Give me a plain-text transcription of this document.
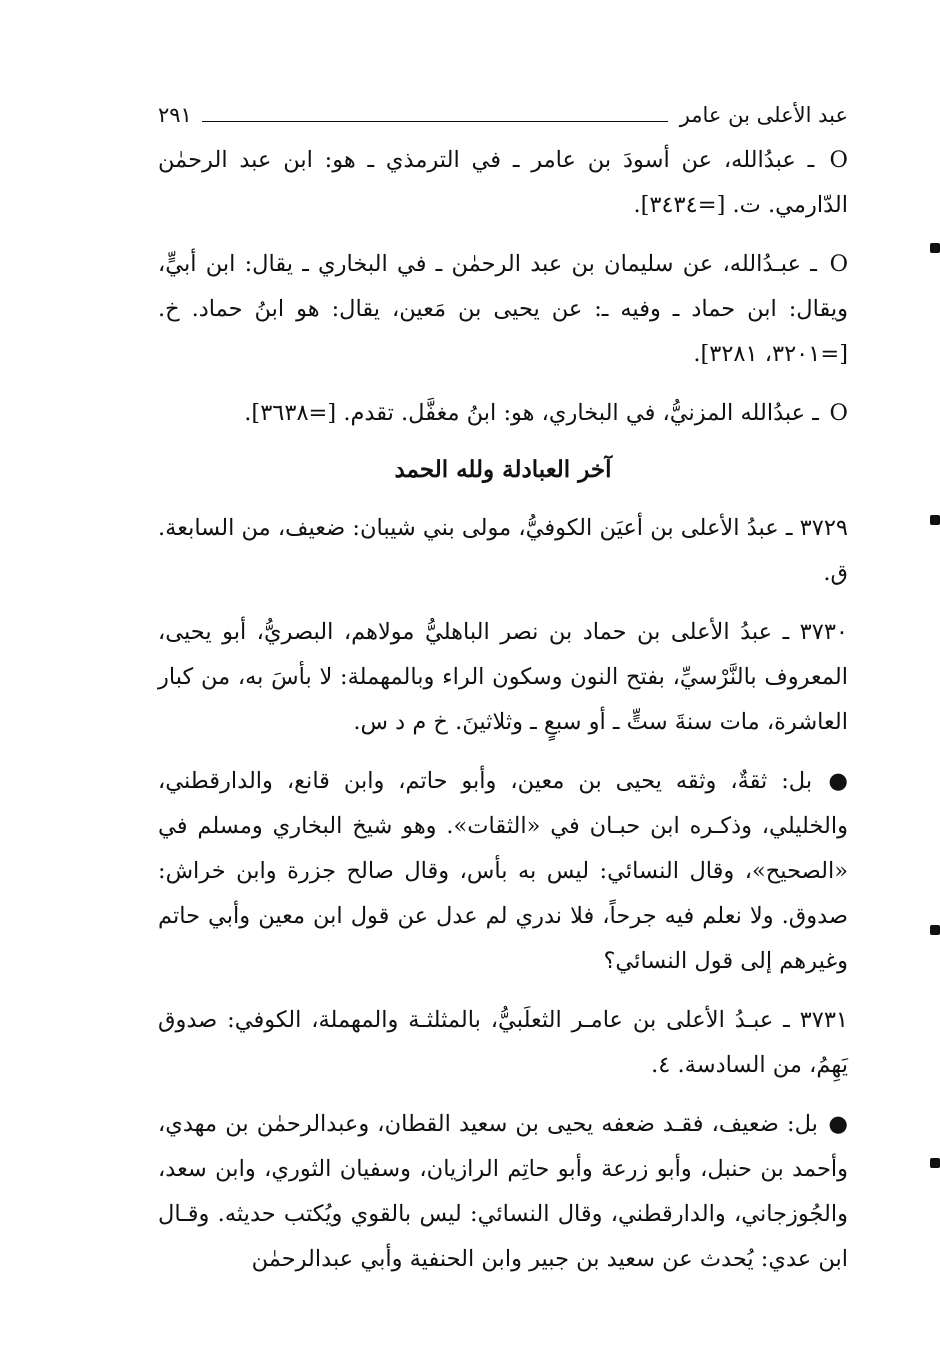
عبد الأعلى بن عامر
٢٩١

O ـ عبدُالله، عن أسودَ بن عامر ـ في الترمذي ـ هو: ابن عبد الرحمٰن الدّارمي. ت. [=٣٤٣٤].

O ـ عبـدُالله، عن سليمان بن عبد الرحمٰن ـ في البخاري ـ يقال: ابن أبيٍّ، ويقال: ابن حماد ـ وفيه ـ: عن يحيى بن مَعين، يقال: هو ابنُ حماد. خ. [=٣٢٠١، ٣٢٨١].

O ـ عبدُالله المزنيُّ، في البخاري، هو: ابنُ مغفَّل. تقدم. [=٣٦٣٨].

آخر العبادلة ولله الحمد

٣٧٢٩ ـ عبدُ الأعلى بن أعيَن الكوفيُّ، مولى بني شيبان: ضعيف، من السابعة. ق.

٣٧٣٠ ـ عبدُ الأعلى بن حماد بن نصر الباهليُّ مولاهم، البصريُّ، أبو يحيى، المعروف بالنَّرْسيِّ، بفتح النون وسكون الراء وبالمهملة: لا بأسَ به، من كبار العاشرة، مات سنةَ ستٍّ ـ أو سبعٍ ـ وثلاثينَ. خ م د س.

● بل: ثقةٌ، وثقه يحيى بن معين، وأبو حاتم، وابن قانع، والدارقطني، والخليلي، وذكـره ابن حبـان في «الثقات». وهو شيخ البخاري ومسلم في «الصحيح»، وقال النسائي: ليس به بأس، وقال صالح جزرة وابن خراش: صدوق. ولا نعلم فيه جرحاً، فلا ندري لم عدل عن قول ابن معين وأبي حاتم وغيرهم إلى قول النسائي؟

٣٧٣١ ـ عبـدُ الأعلى بن عامـر الثعلَبيُّ، بالمثلثـة والمهملة، الكوفي: صدوق يَهِمُ، من السادسة. ٤.

● بل: ضعيف، فقـد ضعفه يحيى بن سعيد القطان، وعبدالرحمٰن بن مهدي، وأحمد بن حنبل، وأبو زرعة وأبو حاتِم الرازيان، وسفيان الثوري، وابن سعد، والجُوزجاني، والدارقطني، وقال النسائي: ليس بالقوي ويُكتب حديثه. وقـال ابن عدي: يُحدث عن سعيد بن جبير وابن الحنفية وأبي عبدالرحمٰن
